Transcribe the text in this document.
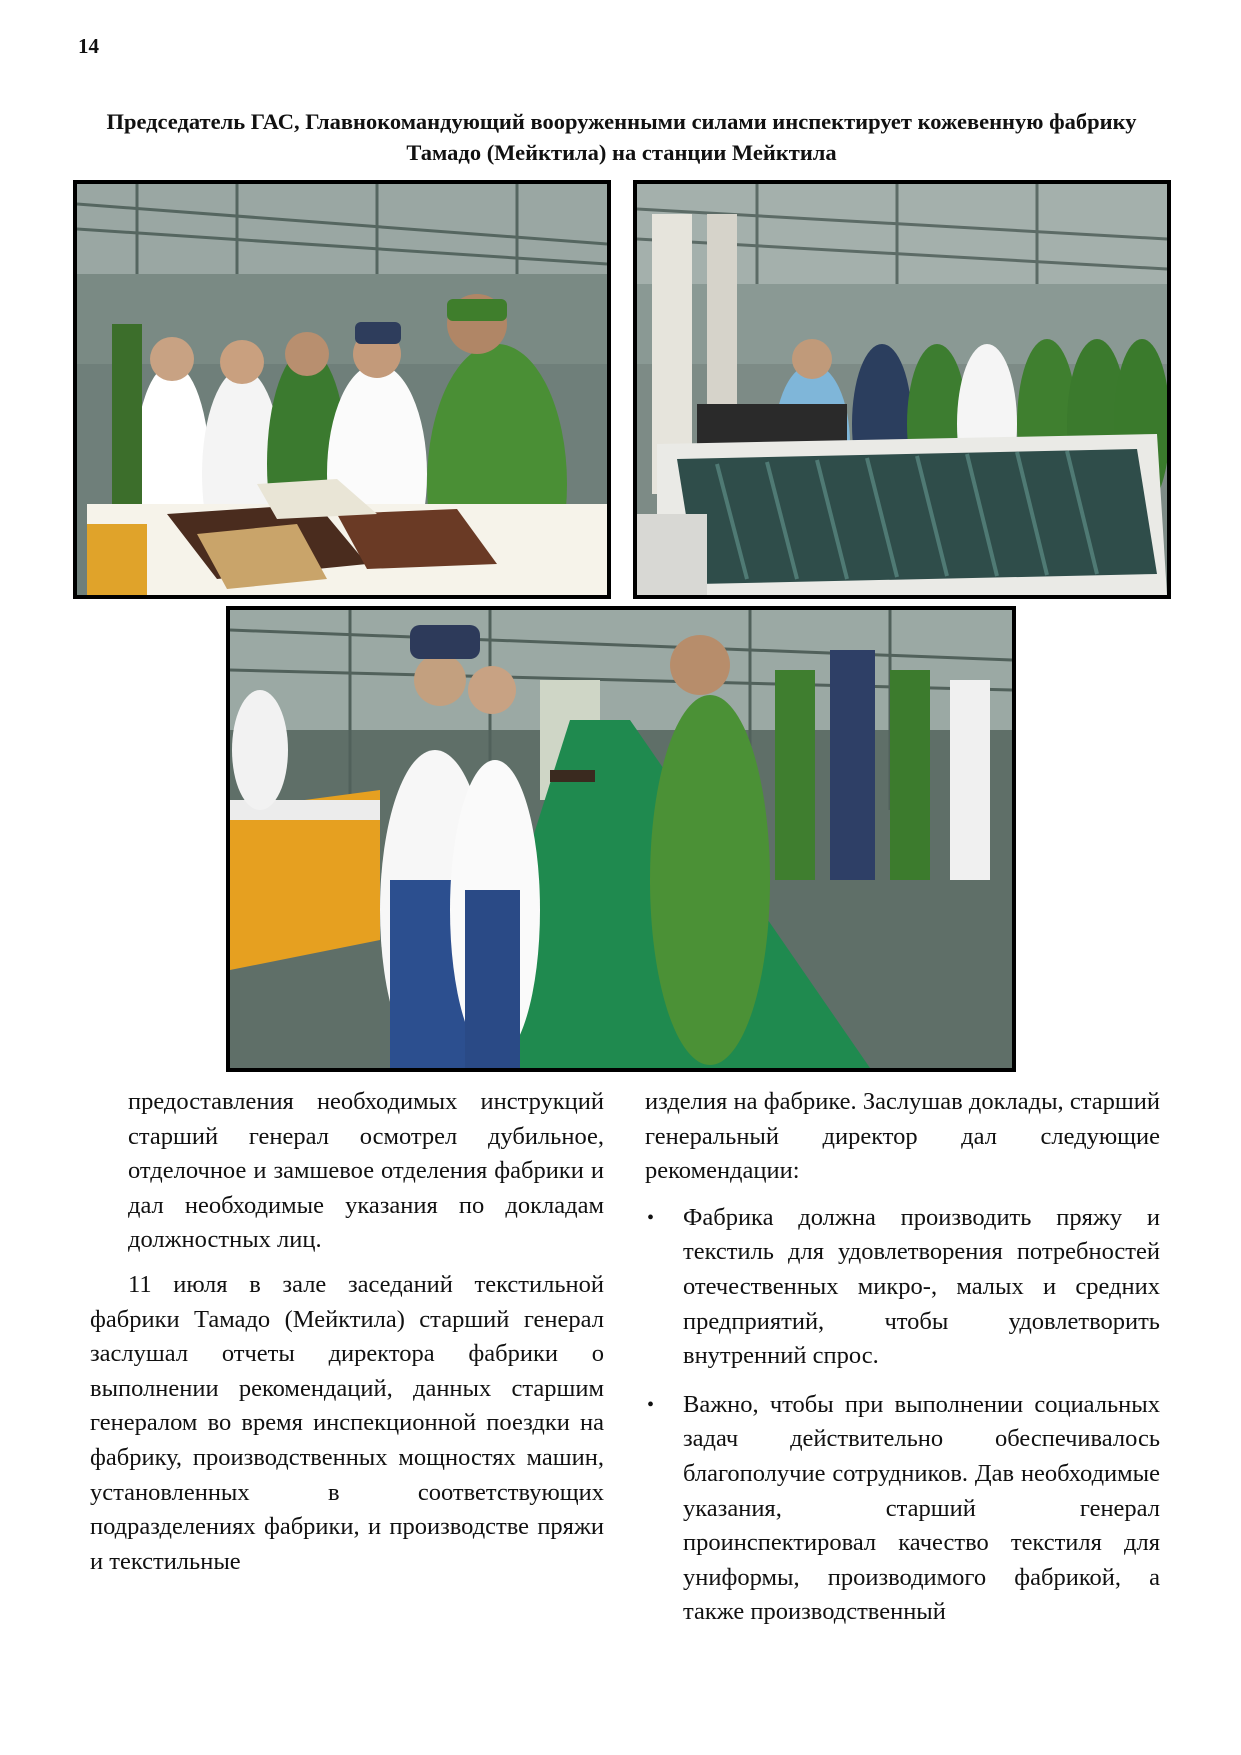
14
Председатель ГАС, Главнокомандующий вооруженными силами инспектирует кожевенную фабрику Тамадо (Мейктила) на станции Мейктила

предоставления необходимых инструкций старший генерал осмотрел дубильное, отделочное и замшевое отделения фабрики и дал необходимые указания по докладам должностных лиц.

11 июля в зале заседаний текстильной фабрики Тамадо (Мейктила) старший генерал заслушал отчеты директора фабрики о выполнении рекомендаций, данных старшим генералом во время инспекционной поездки на фабрику, производственных мощностях машин, установленных в соответствующих подразделениях фабрики, и производстве пряжи и текстильные

изделия на фабрике. Заслушав доклады, старший генеральный директор дал следующие рекомендации:

• Фабрика должна производить пряжу и текстиль для удовлетворения потребностей отечественных микро-, малых и средних предприятий, чтобы удовлетворить внутренний спрос.
• Важно, чтобы при выполнении социальных задач действительно обеспечивалось благополучие сотрудников. Дав необходимые указания, старший генерал проинспектировал качество текстиля для униформы, производимого фабрикой, а также производственный
